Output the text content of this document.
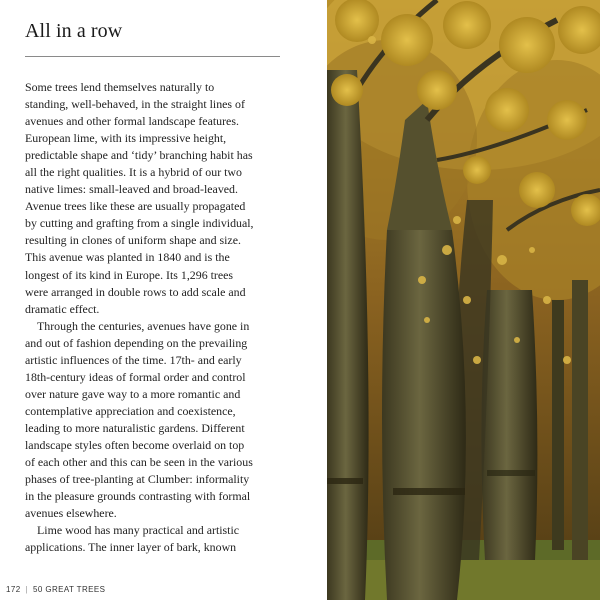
All in a row
Some trees lend themselves naturally to
standing, well-behaved, in the straight lines of
avenues and other formal landscape features.
European lime, with its impressive height,
predictable shape and ‘tidy’ branching habit has
all the right qualities. It is a hybrid of our two
native limes: small-leaved and broad-leaved.
Avenue trees like these are usually propagated
by cutting and grafting from a single individual,
resulting in clones of uniform shape and size.
This avenue was planted in 1840 and is the
longest of its kind in Europe. Its 1,296 trees
were arranged in double rows to add scale and
dramatic effect.
Through the centuries, avenues have gone in
and out of fashion depending on the prevailing
artistic influences of the time. 17th- and early
18th-century ideas of formal order and control
over nature gave way to a more romantic and
contemplative appreciation and coexistence,
leading to more naturalistic gardens. Different
landscape styles often become overlaid on top
of each other and this can be seen in the various
phases of tree-planting at Clumber: informality
in the pleasure grounds contrasting with formal
avenues elsewhere.
Lime wood has many practical and artistic
applications. The inner layer of bark, known
172 | 50 GREAT TREES
